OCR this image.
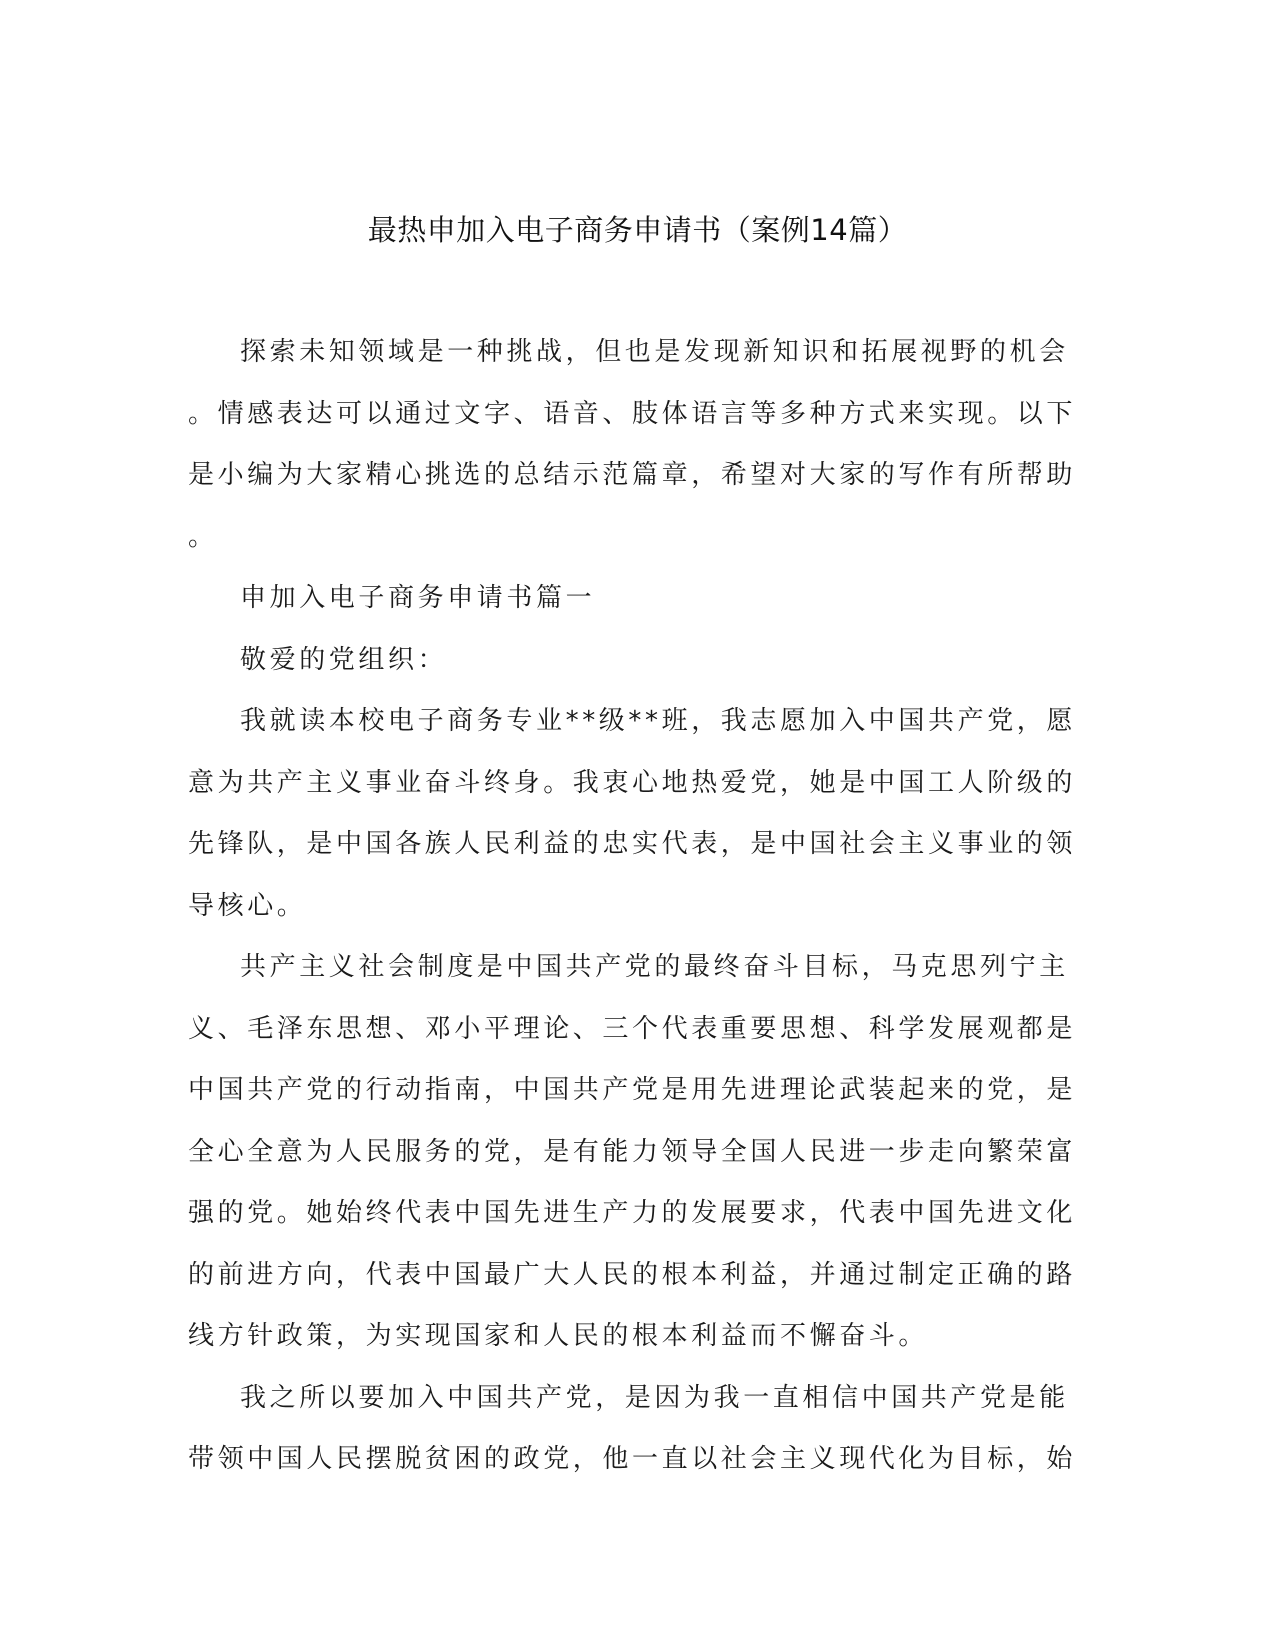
最热申加入电子商务申请书（案例14篇）
探索未知领域是一种挑战，但也是发现新知识和拓展视野的机会
。情感表达可以通过文字、语音、肢体语言等多种方式来实现。以下
是小编为大家精心挑选的总结示范篇章，希望对大家的写作有所帮助
。
申加入电子商务申请书篇一
敬爱的党组织：
我就读本校电子商务专业**级**班，我志愿加入中国共产党，愿
意为共产主义事业奋斗终身。我衷心地热爱党，她是中国工人阶级的
先锋队，是中国各族人民利益的忠实代表，是中国社会主义事业的领
导核心。
共产主义社会制度是中国共产党的最终奋斗目标，马克思列宁主
义、毛泽东思想、邓小平理论、三个代表重要思想、科学发展观都是
中国共产党的行动指南，中国共产党是用先进理论武装起来的党，是
全心全意为人民服务的党，是有能力领导全国人民进一步走向繁荣富
强的党。她始终代表中国先进生产力的发展要求，代表中国先进文化
的前进方向，代表中国最广大人民的根本利益，并通过制定正确的路
线方针政策，为实现国家和人民的根本利益而不懈奋斗。
我之所以要加入中国共产党，是因为我一直相信中国共产党是能
带领中国人民摆脱贫困的政党，他一直以社会主义现代化为目标，始
